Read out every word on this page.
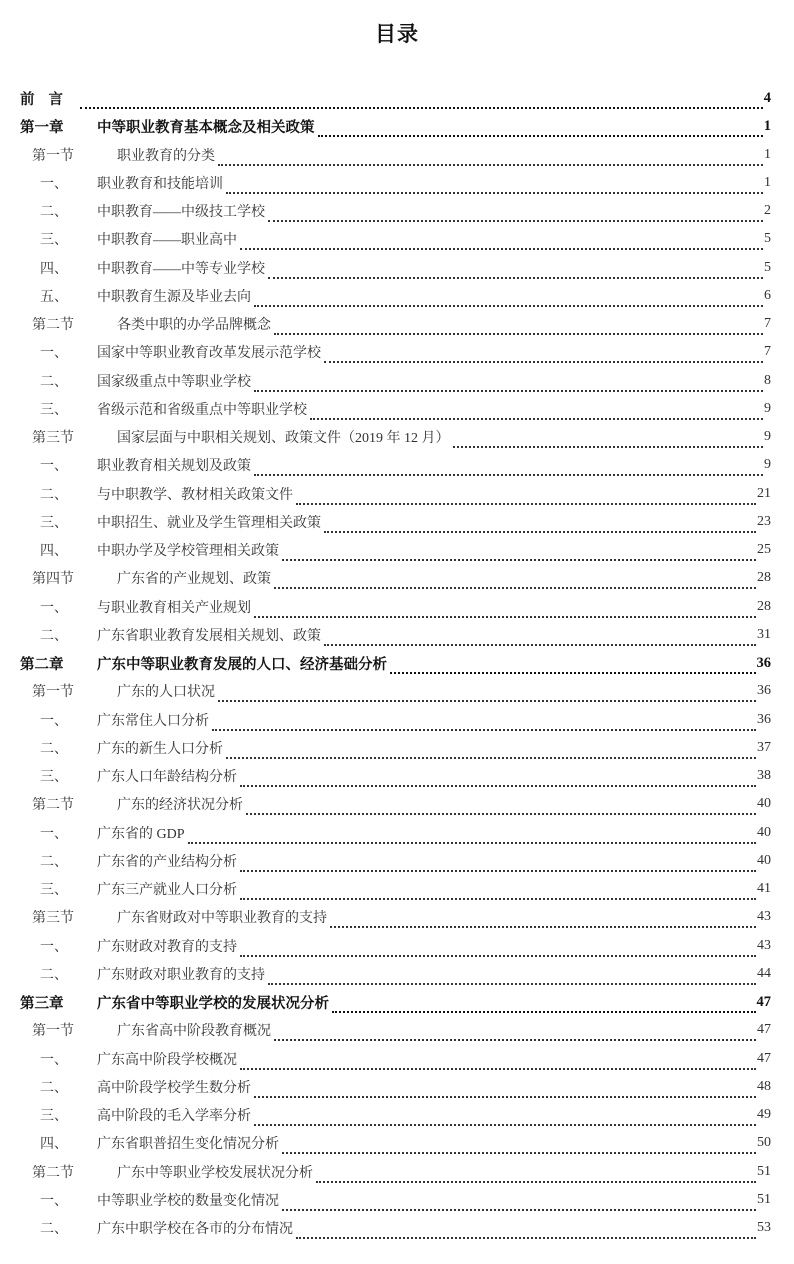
目录
前言	4
第一章 中等职业教育基本概念及相关政策	1
第一节	职业教育的分类	1
一、 职业教育和技能培训	1
二、 中职教育——中级技工学校	2
三、 中职教育——职业高中	5
四、 中职教育——中等专业学校	5
五、 中职教育生源及毕业去向	6
第二节	各类中职的办学品牌概念	7
一、 国家中等职业教育改革发展示范学校	7
二、 国家级重点中等职业学校	8
三、 省级示范和省级重点中等职业学校	9
第三节	国家层面与中职相关规划、政策文件（2019 年 12 月）	9
一、 职业教育相关规划及政策	9
二、 与中职教学、教材相关政策文件	21
三、 中职招生、就业及学生管理相关政策	23
四、 中职办学及学校管理相关政策	25
第四节	广东省的产业规划、政策	28
一、 与职业教育相关产业规划	28
二、 广东省职业教育发展相关规划、政策	31
第二章 广东中等职业教育发展的人口、经济基础分析	36
第一节	广东的人口状况	36
一、 广东常住人口分析	36
二、 广东的新生人口分析	37
三、 广东人口年龄结构分析	38
第二节	广东的经济状况分析	40
一、 广东省的 GDP	40
二、 广东省的产业结构分析	40
三、 广东三产就业人口分析	41
第三节	广东省财政对中等职业教育的支持	43
一、 广东财政对教育的支持	43
二、 广东财政对职业教育的支持	44
第三章 广东省中等职业学校的发展状况分析	47
第一节	广东省高中阶段教育概况	47
一、 广东高中阶段学校概况	47
二、 高中阶段学校学生数分析	48
三、 高中阶段的毛入学率分析	49
四、 广东省职普招生变化情况分析	50
第二节	广东中等职业学校发展状况分析	51
一、 中等职业学校的数量变化情况	51
二、 广东中职学校在各市的分布情况	53
